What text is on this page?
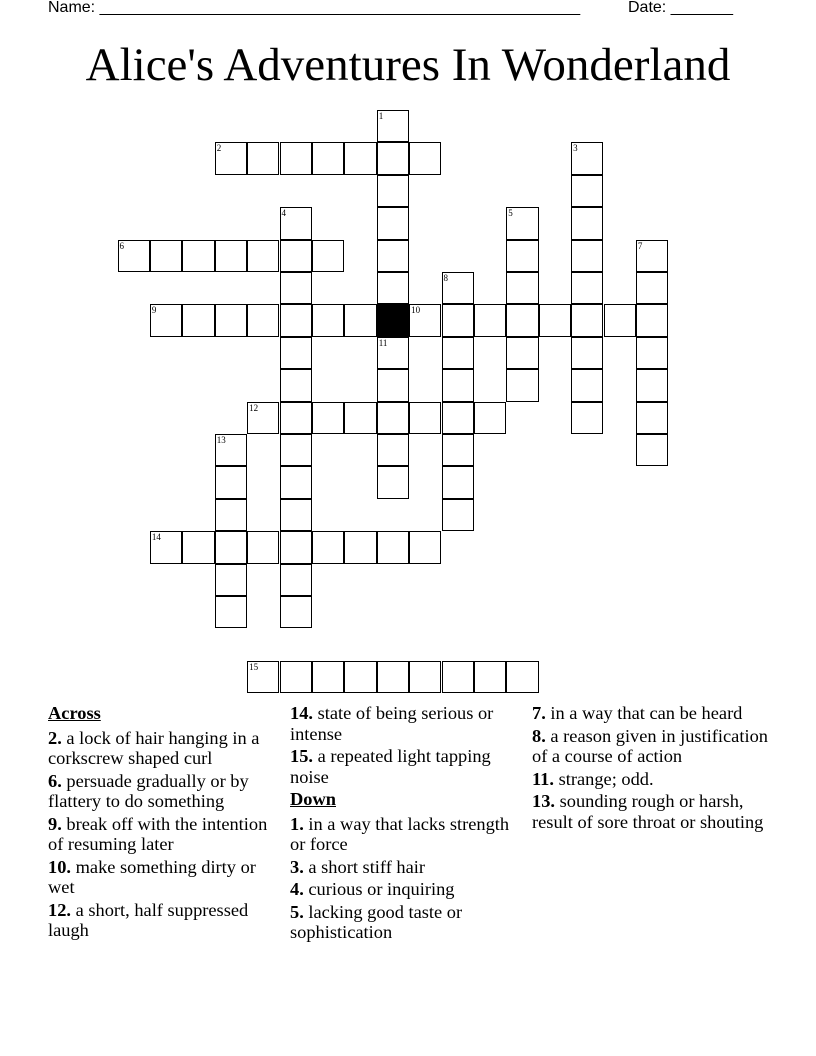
Name: ______________________________________________________	Date: _______
Alice's Adventures In Wonderland
1
2	3
4	5
6	7
8
9	10
11
12
13
14
15
Across
2. a lock of hair hanging in a corkscrew shaped curl
6. persuade gradually or by flattery to do something
9. break off with the intention of resuming later
10. make something dirty or wet
12. a short, half suppressed laugh
14. state of being serious or intense
15. a repeated light tapping noise
Down
1. in a way that lacks strength or force
3. a short stiff hair
4. curious or inquiring
5. lacking good taste or sophistication
7. in a way that can be heard
8. a reason given in justification of a course of action
11. strange; odd.
13. sounding rough or harsh, result of sore throat or shouting
